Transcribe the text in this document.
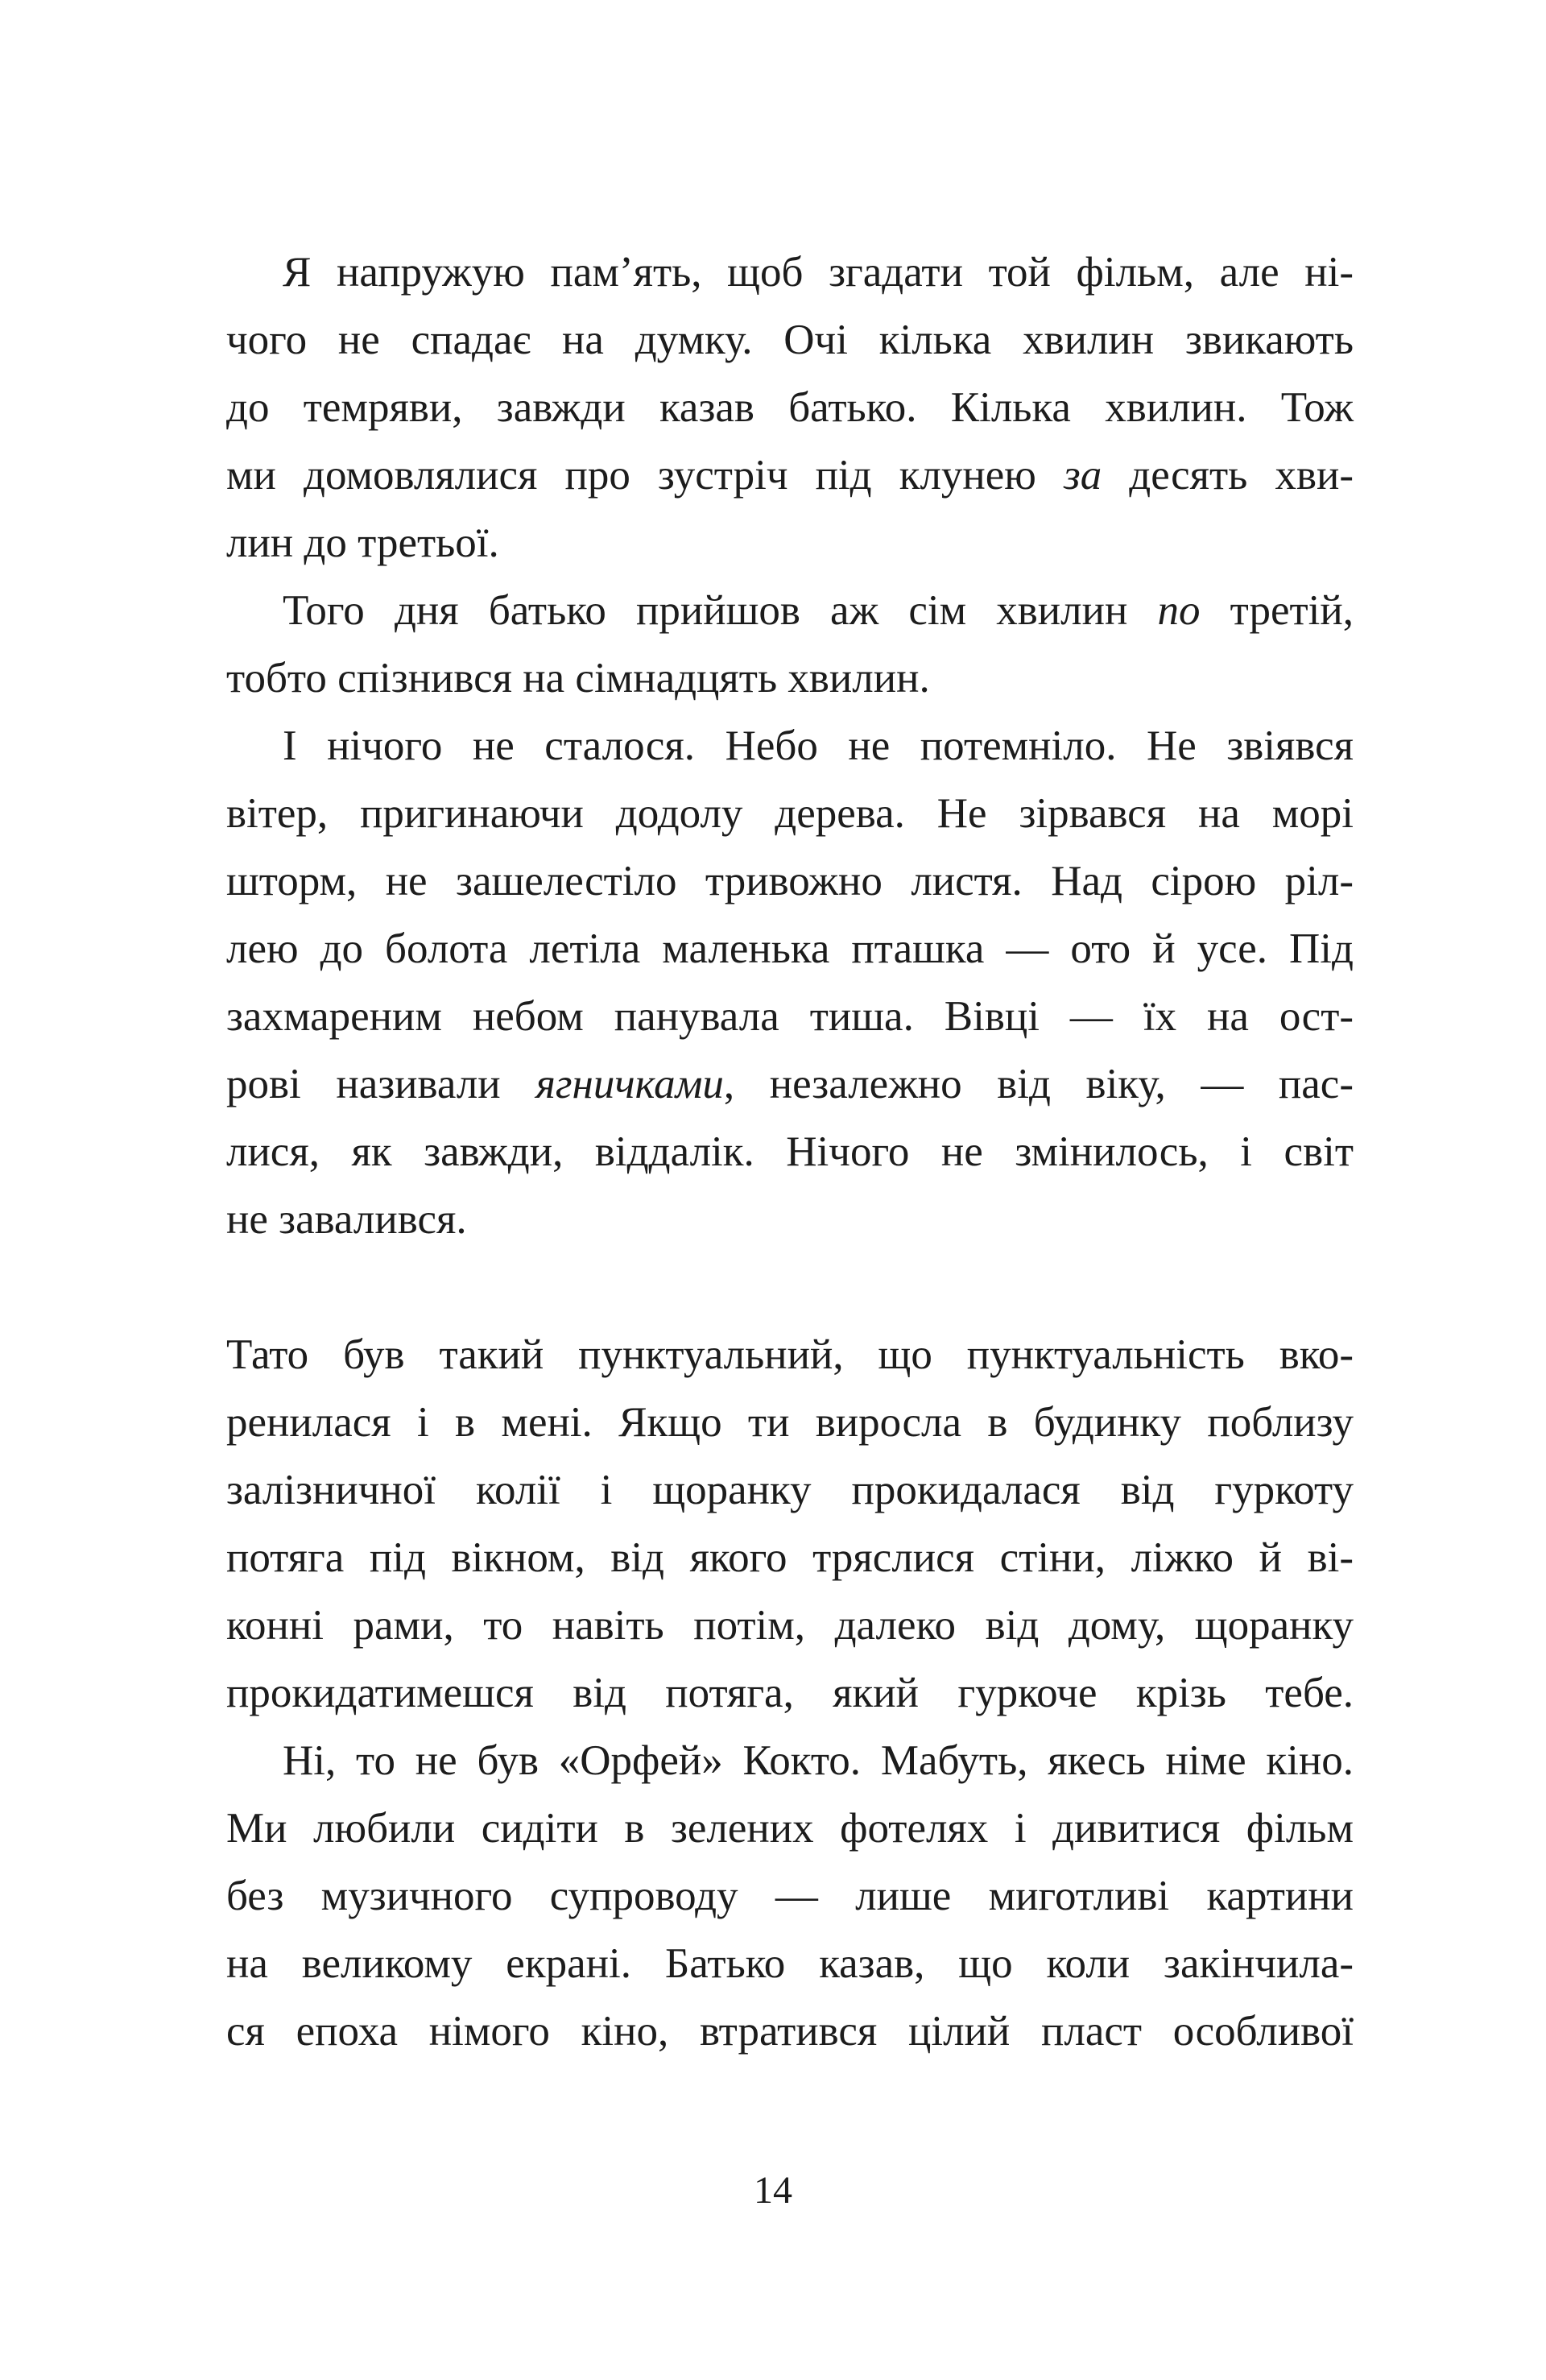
Я напружую пам’ять, щоб згадати той фільм, але ні-
чого не спадає на думку. Очі кілька хвилин звикають
до темряви, завжди казав батько. Кілька хвилин. Тож
ми домовлялися про зустріч під клунею за десять хви-
лин до третьої.
Того дня батько прийшов аж сім хвилин по третій,
тобто спізнився на сімнадцять хвилин.
І нічого не сталося. Небо не потемніло. Не звіявся
вітер, пригинаючи додолу дерева. Не зірвався на морі
шторм, не зашелестіло тривожно листя. Над сірою ріл-
лею до болота летіла маленька пташка — ото й усе. Під
захмареним небом панувала тиша. Вівці — їх на ост-
рові називали ягничками, незалежно від віку, — пас-
лися, як завжди, віддалік. Нічого не змінилось, і світ
не завалився.
Тато був такий пунктуальний, що пунктуальність вко-
ренилася і в мені. Якщо ти виросла в будинку поблизу
залізничної колії і щоранку прокидалася від гуркоту
потяга під вікном, від якого тряслися стіни, ліжко й ві-
конні рами, то навіть потім, далеко від дому, щоранку
прокидатимешся від потяга, який гуркоче крізь тебе.
Ні, то не був «Орфей» Кокто. Мабуть, якесь німе кіно.
Ми любили сидіти в зелених фотелях і дивитися фільм
без музичного супроводу — лише миготливі картини
на великому екрані. Батько казав, що коли закінчила-
ся епоха німого кіно, втратився цілий пласт особливої
14
